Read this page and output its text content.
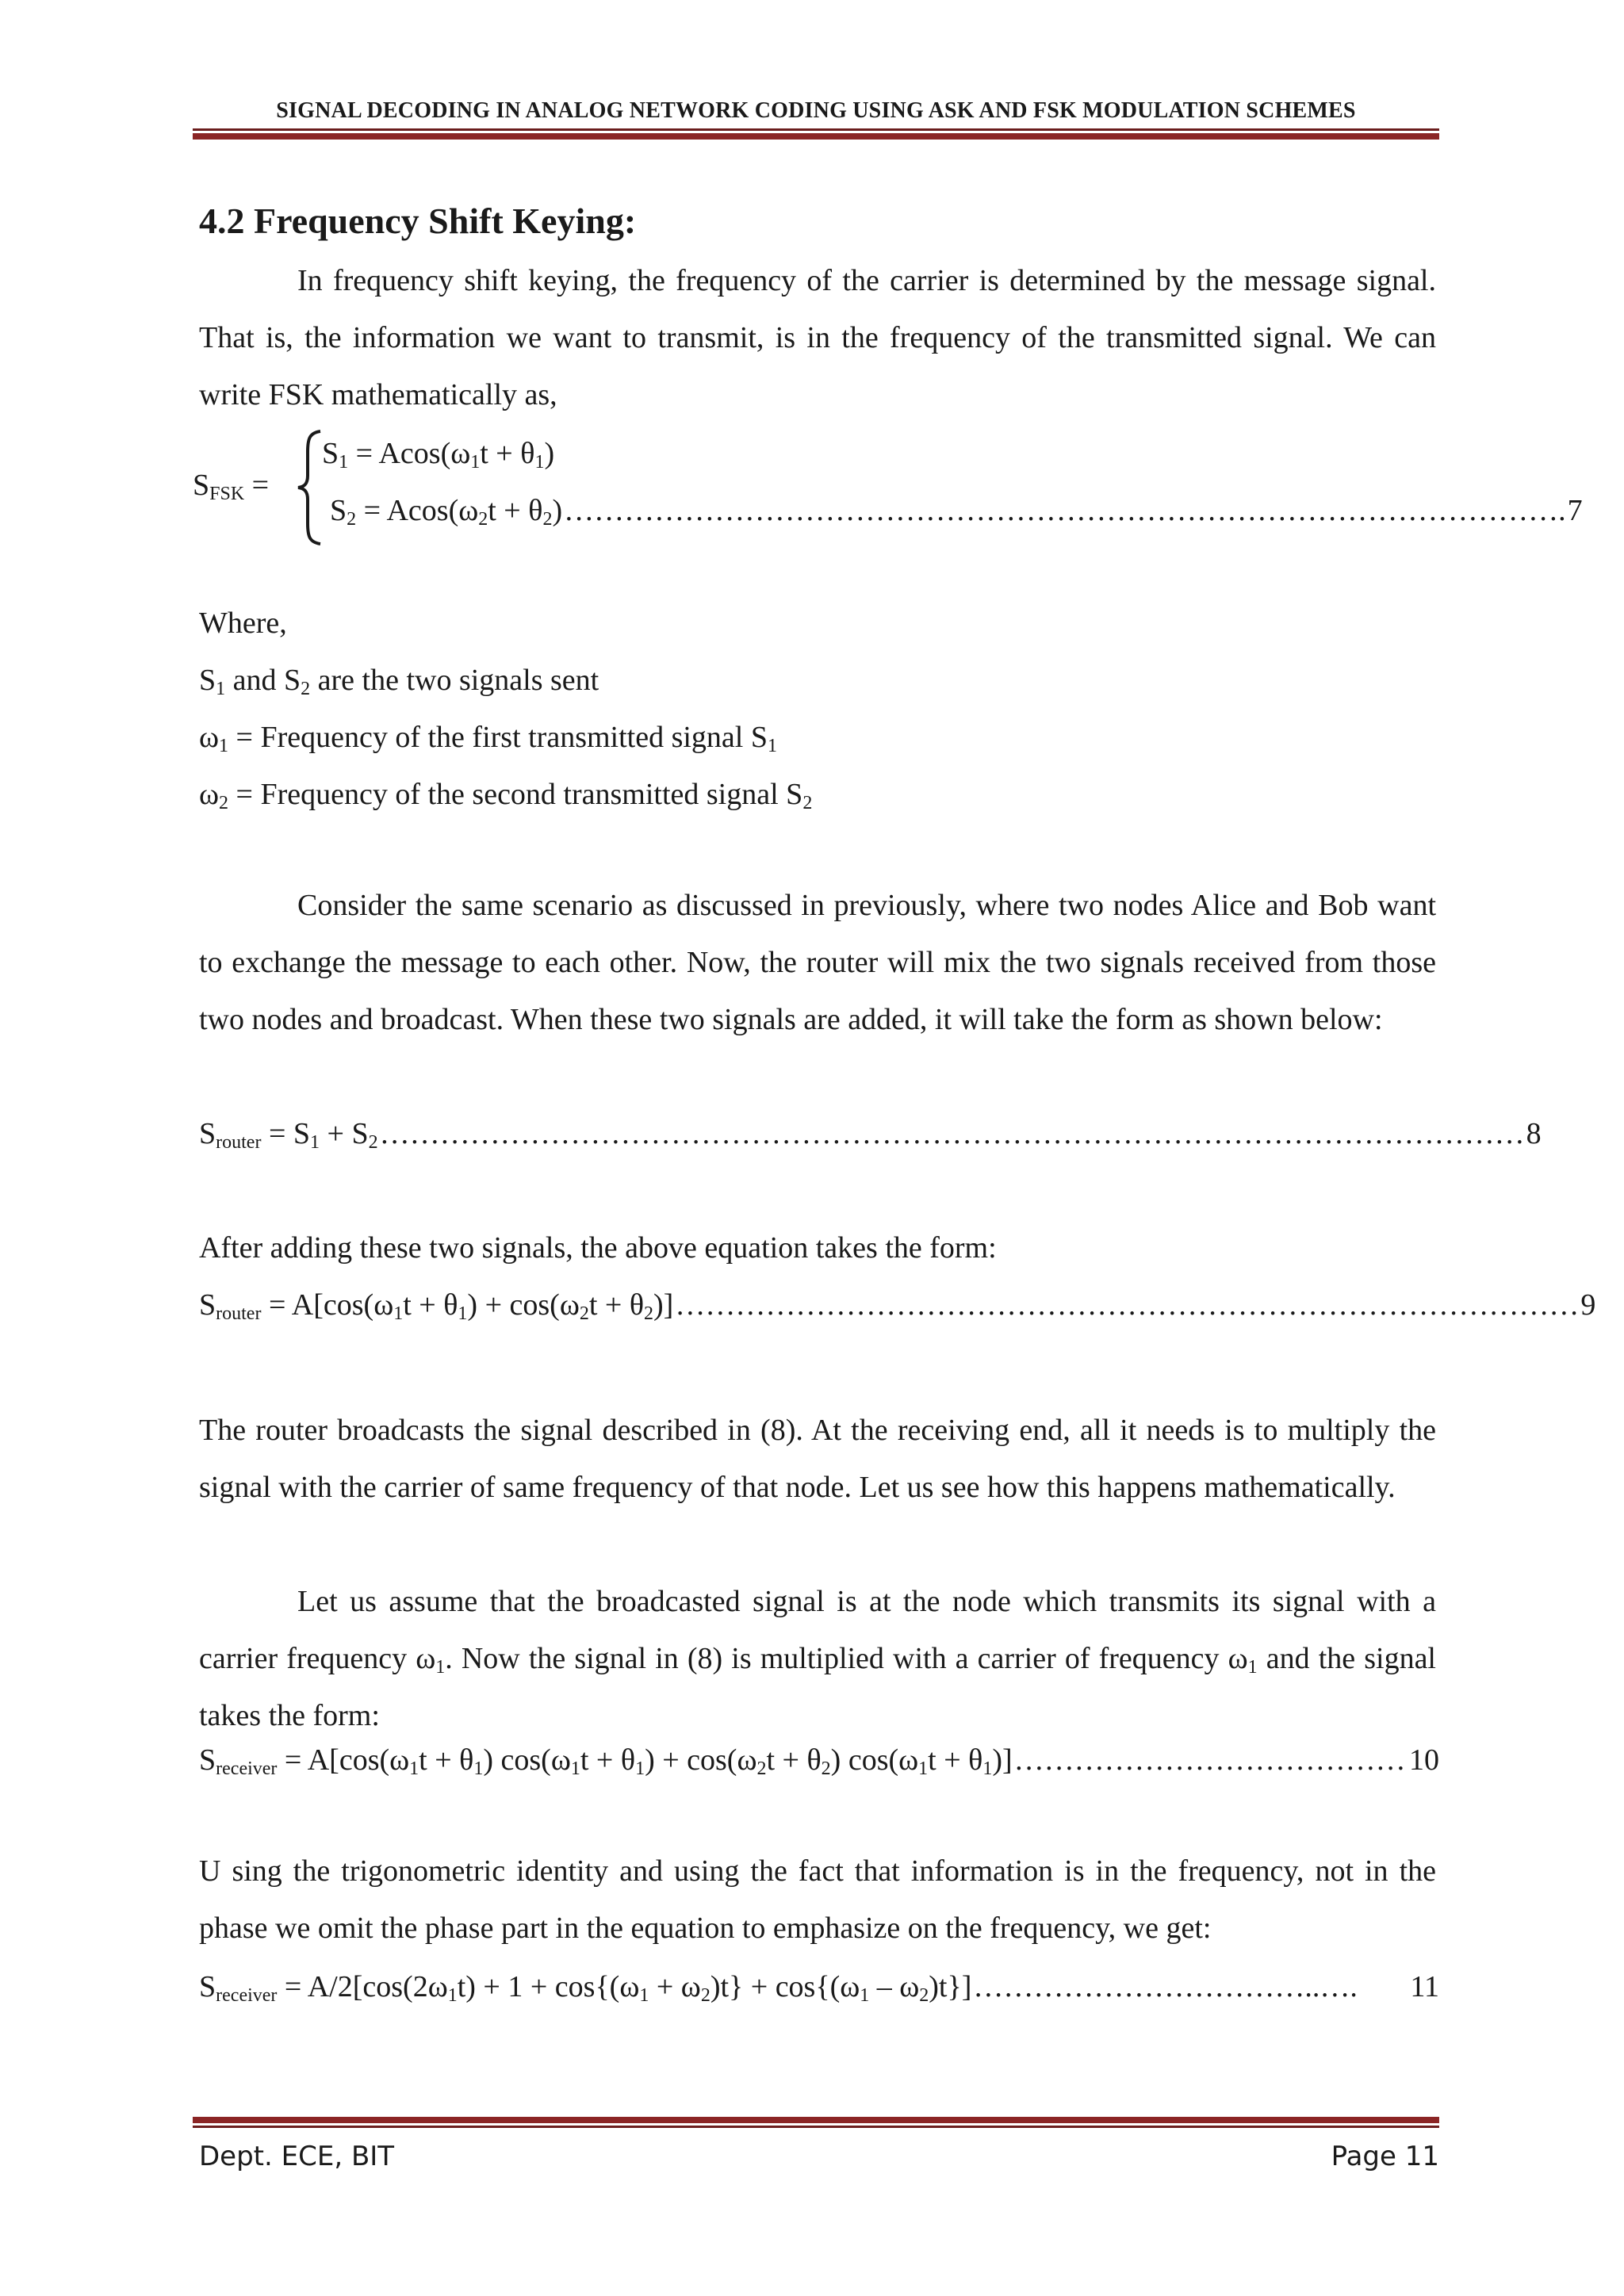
SIGNAL DECODING IN ANALOG NETWORK CODING USING ASK AND FSK MODULATION SCHEMES
4.2 Frequency Shift Keying:
In frequency shift keying, the frequency of the carrier is determined by the message signal. That is, the information we want to transmit, is in the frequency of the transmitted signal. We can write FSK mathematically as,
$S_{FSK}$ =
$S_1 = Acos(\omega_1t + \theta_1)$
$S_2 = Acos(\omega_2t + \theta_2)$ ………………………………………………………………………………………. 7
Where,
$S_1$ and $S_2$ are the two signals sent
$\omega_1$ = Frequency of the first transmitted signal $S_1$
$\omega_2$ = Frequency of the second transmitted signal $S_2$
Consider the same scenario as discussed in previously, where two nodes Alice and Bob want to exchange the message to each other. Now, the router will mix the two signals received from those two nodes and broadcast. When these two signals are added, it will take the form as shown below:
$S_{router} = S_1 + S_2$ …………………………………………………………………………………………………… 8
After adding these two signals, the above equation takes the form:
$S_{router} = A[\cos(\omega_1t + \theta_1) + \cos(\omega_2t + \theta_2)]$ ……………………………………………………………………………… 9
The router broadcasts the signal described in (8). At the receiving end, all it needs is to multiply the signal with the carrier of same frequency of that node. Let us see how this happens mathematically.
Let us assume that the broadcasted signal is at the node which transmits its signal with a carrier frequency $\omega_1$. Now the signal in (8) is multiplied with a carrier of frequency $\omega_1$ and the signal takes the form:
$S_{receiver} = A[\cos(\omega_1t + \theta_1) \cos(\omega_1t + \theta_1) + \cos(\omega_2t + \theta_2) \cos(\omega_1t + \theta_1)]$ ………………………………… 10
U sing the trigonometric identity and using the fact that information is in the frequency, not in the phase we omit the phase part in the equation to emphasize on the frequency, we get:
$S_{receiver} = A/2[\cos(2\omega_1t) + 1 + \cos\{(\omega_1 + \omega_2)t\} + \cos\{(\omega_1 - \omega_2)t\}]$ ……………………………..….	11
Dept. ECE, BIT	Page 11
